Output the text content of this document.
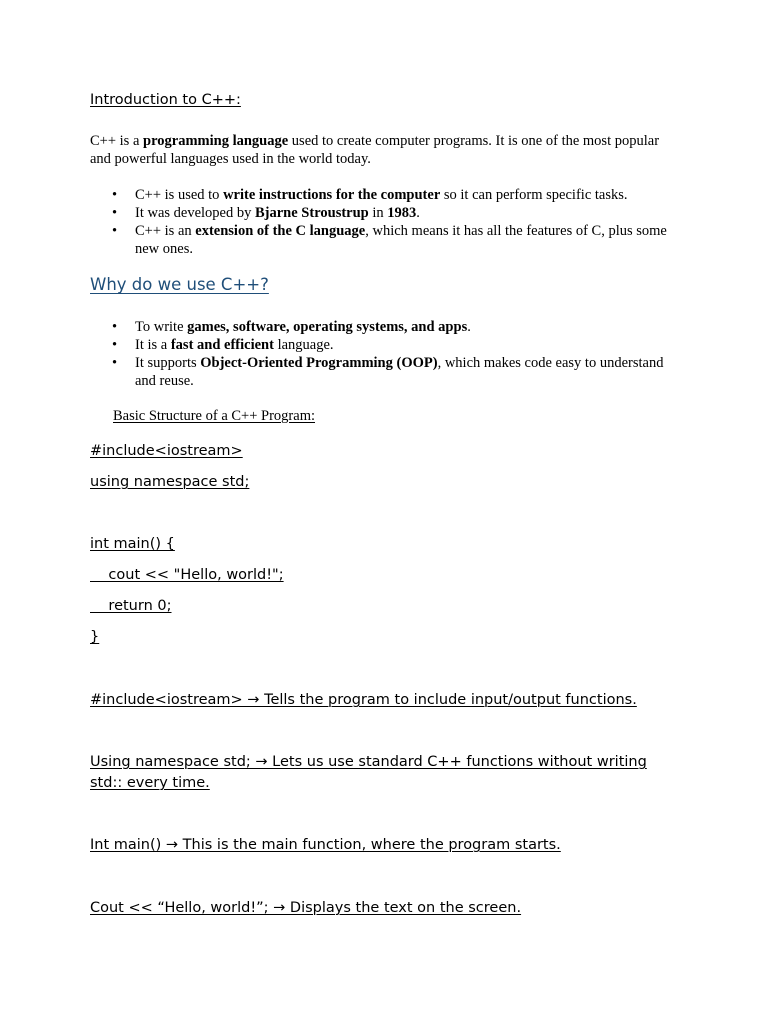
Introduction to C++:
C++ is a programming language used to create computer programs. It is one of the most popular and powerful languages used in the world today.
• C++ is used to write instructions for the computer so it can perform specific tasks.
• It was developed by Bjarne Stroustrup in 1983.
• C++ is an extension of the C language, which means it has all the features of C, plus some new ones.
Why do we use C++?
• To write games, software, operating systems, and apps.
• It is a fast and efficient language.
• It supports Object-Oriented Programming (OOP), which makes code easy to understand and reuse.
Basic Structure of a C++ Program:
#include<iostream>
using namespace std;
int main() {
cout << "Hello, world!";
return 0;
}
#include<iostream> → Tells the program to include input/output functions.
Using namespace std; → Lets us use standard C++ functions without writing std:: every time.
Int main() → This is the main function, where the program starts.
Cout << “Hello, world!”; → Displays the text on the screen.
